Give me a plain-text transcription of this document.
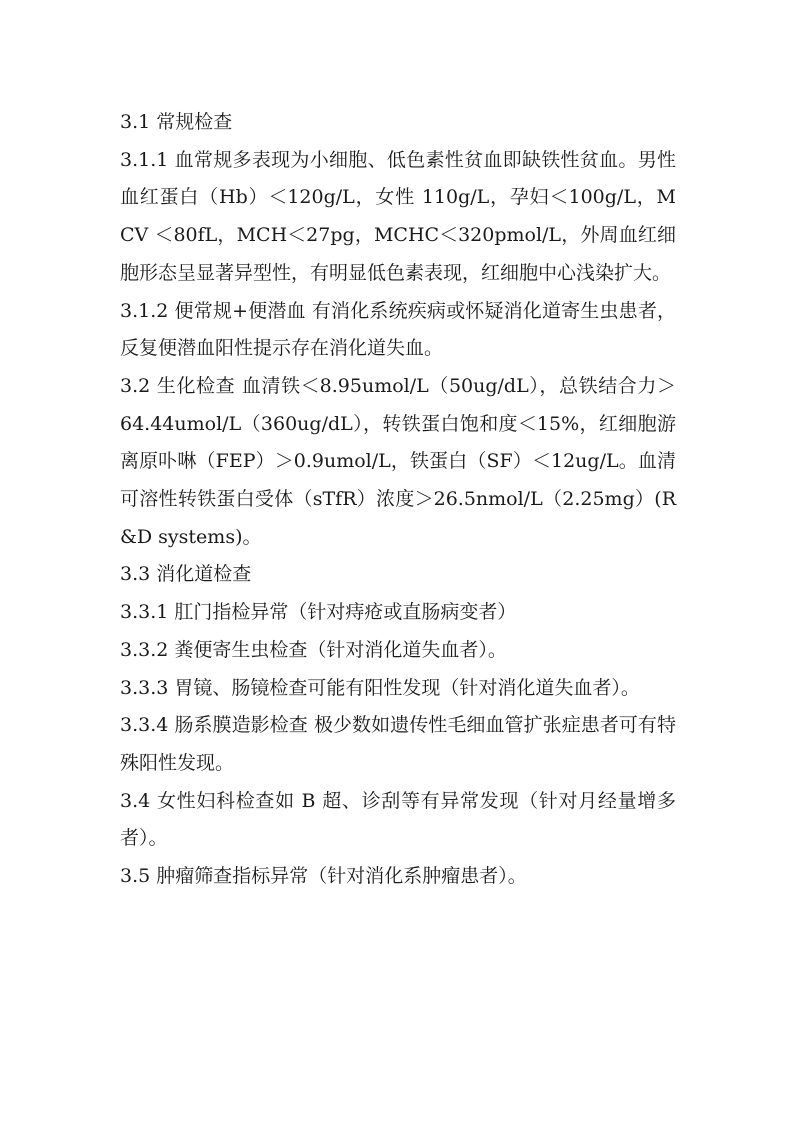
3.1 常规检查

3.1.1 血常规多表现为小细胞、低色素性贫血即缺铁性贫血。男性血红蛋白（Hb）＜120g/L，女性 110g/L，孕妇＜100g/L，MCV ＜80fL，MCH＜27pg，MCHC＜320pmol/L，外周血红细胞形态呈显著异型性，有明显低色素表现，红细胞中心浅染扩大。

3.1.2 便常规+便潜血 有消化系统疾病或怀疑消化道寄生虫患者，反复便潜血阳性提示存在消化道失血。

3.2 生化检查 血清铁＜8.95umol/L（50ug/dL），总铁结合力＞64.44umol/L（360ug/dL），转铁蛋白饱和度＜15%，红细胞游离原卟啉（FEP）＞0.9umol/L，铁蛋白（SF）＜12ug/L。血清可溶性转铁蛋白受体（sTfR）浓度＞26.5nmol/L（2.25mg）(R&D systems)。

3.3 消化道检查

3.3.1 肛门指检异常（针对痔疮或直肠病变者）

3.3.2 粪便寄生虫检查（针对消化道失血者）。

3.3.3 胃镜、肠镜检查可能有阳性发现（针对消化道失血者）。

3.3.4 肠系膜造影检查 极少数如遗传性毛细血管扩张症患者可有特殊阳性发现。

3.4 女性妇科检查如 B 超、诊刮等有异常发现（针对月经量增多者）。

3.5 肿瘤筛查指标异常（针对消化系肿瘤患者）。
